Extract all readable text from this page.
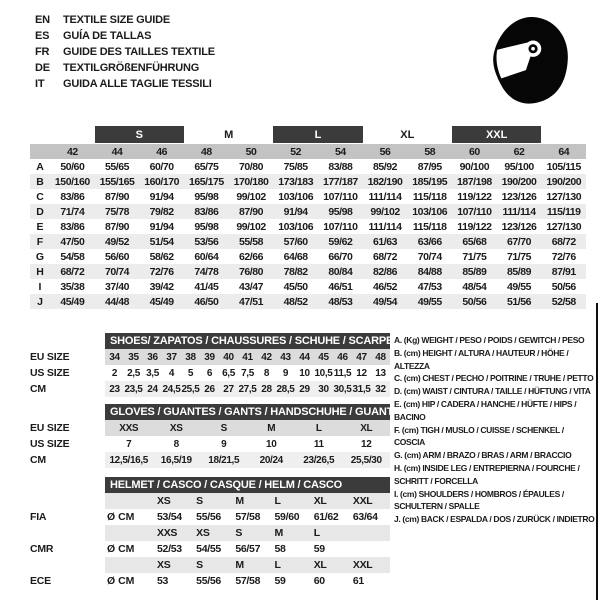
EN	TEXTILE SIZE GUIDE
ES	GUÍA DE TALLAS
FR	GUIDE DES TAILLES TEXTILE
DE	TEXTILGRÖßENFÜHRUNG
IT	GUIDA ALLE TAGLIE TESSILI
S	M	L	XL	XXL
42	44	46	48	50	52	54	56	58	60	62	64
A	50/60	55/65	60/70	65/75	70/80	75/85	83/88	85/92	87/95	90/100	95/100	105/115
B	150/160 155/165 160/170 165/175 170/180 173/183 177/187 182/190 185/195 187/198 190/200 190/200
C	83/86	87/90	91/94	95/98	99/102	103/106 107/110	111/114	115/118	119/122 123/126 127/130
D	71/74	75/78	79/82	83/86	87/90	91/94	95/98	99/102	103/106 107/110	111/114	115/119
E	83/86	87/90	91/94	95/98	99/102	103/106 107/110	111/114	115/118	119/122 123/126 127/130
F	47/50	49/52	51/54	53/56	55/58	57/60	59/62	61/63	63/66	65/68	67/70	68/72
G	54/58	56/60	58/62	60/64	62/66	64/68	66/70	68/72	70/74	71/75	71/75	72/76
H	68/72	70/74	72/76	74/78	76/80	78/82	80/84	82/86	84/88	85/89	85/89	87/91
I	35/38	37/40	39/42	41/45	43/47	45/50	46/51	46/52	47/53	48/54	49/55	50/56
J	45/49	44/48	45/49	46/50	47/51	48/52	48/53	49/54	49/55	50/56	51/56	52/58
SHOES/ ZAPATOS / CHAUSSURES / SCHUHE / SCARPE
EU SIZE	34 35 36 37 38 39 40 41 42 43 44 45 46 47 48
US SIZE	2 2,5 3,5 4	5	6 6,5 7,5 8	9	10 10,5 11,5 12 13
CM	23 23,5 24 24,5 25,5 26 27 27,5 28 28,5 29 30 30,5 31,5 32
GLOVES / GUANTES / GANTS / HANDSCHUHE / GUANTI
EU SIZE	XXS	XS	S	M	L	XL
US SIZE	7	8	9	10	11	12
CM	12,5/16,5	16,5/19	18/21,5	20/24	23/26,5	25,5/30
HELMET / CASCO / CASQUE / HELM / CASCO
XS	S	M	L	XL	XXL
FIA	Ø CM	53/54	55/56	57/58	59/60	61/62	63/64
XXS	XS	S	M	L
CMR	Ø CM	52/53	54/55	56/57	58	59
XS	S	M	L	XL	XXL
ECE	Ø CM	53	55/56	57/58	59	60	61
A. (Kg) WEIGHT / PESO / POIDS / GEWITCH / PESO
B. (cm) HEIGHT / ALTURA / HAUTEUR / HÖHE / ALTEZZA
C. (cm) CHEST / PECHO / POITRINE / TRUHE / PETTO
D. (cm) WAIST / CINTURA / TAILLE / HÜFTUNG / VITA
E. (cm) HIP / CADERA / HANCHE / HÜFTE / HIPS / BACINO
F. (cm) TIGH / MUSLO / CUISSE / SCHENKEL / COSCIA
G. (cm) ARM / BRAZO / BRAS / ARM / BRACCIO
H. (cm) INSIDE LEG / ENTREPIERNA / FOURCHE / SCHRITT / FORCELLA
I. (cm) SHOULDERS / HOMBROS / ÉPAULES / SCHULTERN / SPALLE
J. (cm) BACK / ESPALDA / DOS / ZURÜCK / INDIETRO
